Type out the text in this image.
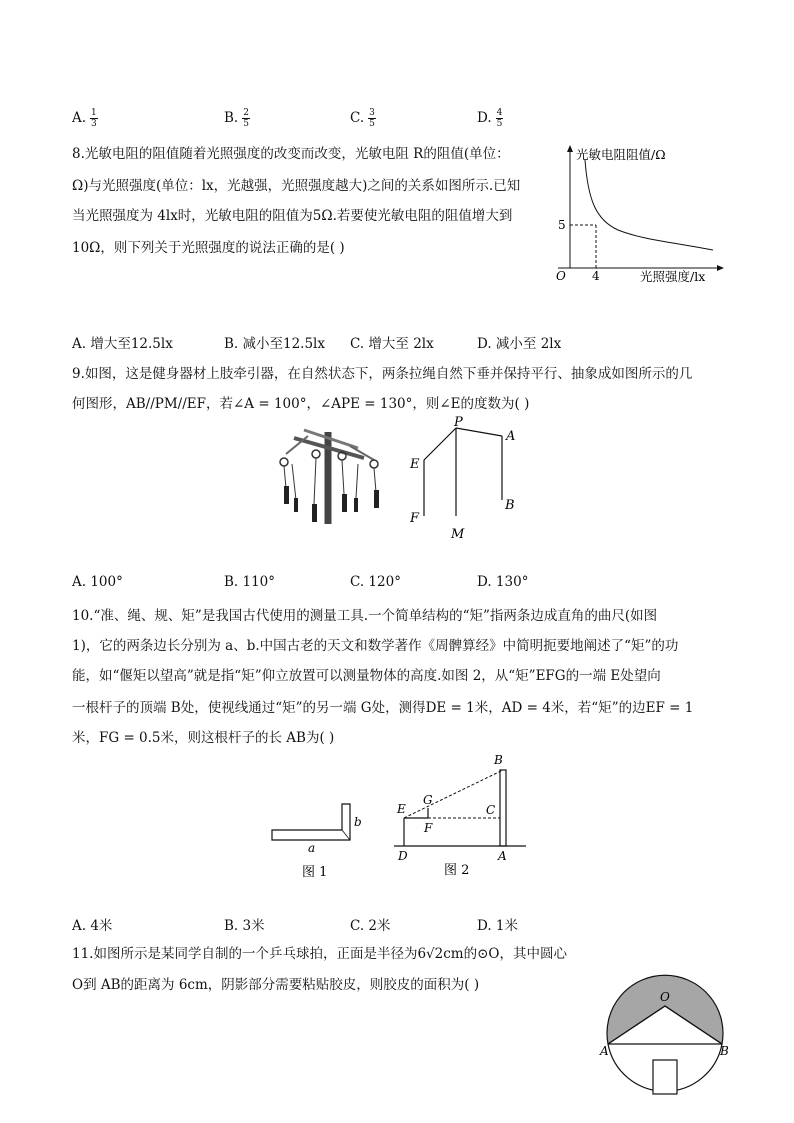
A. $\frac{1}{3}$	B. $\frac{2}{5}$	C. $\frac{3}{5}$	D. $\frac{4}{5}$
8.光敏电阻的阻值随着光照强度的改变而改变，光敏电阻 R的阻值(单位：
Ω)与光照强度(单位：lx，光越强，光照强度越大)之间的关系如图所示.已知
当光照强度为 4lx时，光敏电阻的阻值为5Ω.若要使光敏电阻的阻值增大到
10Ω，则下列关于光照强度的说法正确的是( )
光敏电阻阻值/Ω
光照强度/lx
O
5
4
A. 增大至12.5lx	B. 减小至12.5lx C. 增大至 2lx	D. 减小至 2lx
9.如图，这是健身器材上肢牵引器，在自然状态下，两条拉绳自然下垂并保持平行、抽象成如图所示的几
何图形，AB//PM//EF，若∠A = 100°，∠APE = 130°，则∠E的度数为( )
P
A
E
B
F
M
A. 100°	B. 110°	C. 120°	D. 130°
10.“准、绳、规、矩”是我国古代使用的测量工具.一个简单结构的“矩”指两条边成直角的曲尺(如图
1)，它的两条边长分别为 a、b.中国古老的天文和数学著作《周髀算经》中简明扼要地阐述了“矩”的功
能，如“偃矩以望高”就是指“矩”仰立放置可以测量物体的高度.如图 2，从“矩”EFG的一端 E处望向
一根杆子的顶端 B处，使视线通过“矩”的另一端 G处，测得DE = 1米，AD = 4米，若“矩”的边EF = 1
米，FG = 0.5米，则这根杆子的长 AB为( )
a
b
图 1
B
G
E	C
F
D	A
图 2
A. 4米	B. 3米	C. 2米	D. 1米
11.如图所示是某同学自制的一个乒乓球拍，正面是半径为6√2cm的⊙O，其中圆心
O到 AB的距离为 6cm，阴影部分需要粘贴胶皮，则胶皮的面积为( )
O
A	B
